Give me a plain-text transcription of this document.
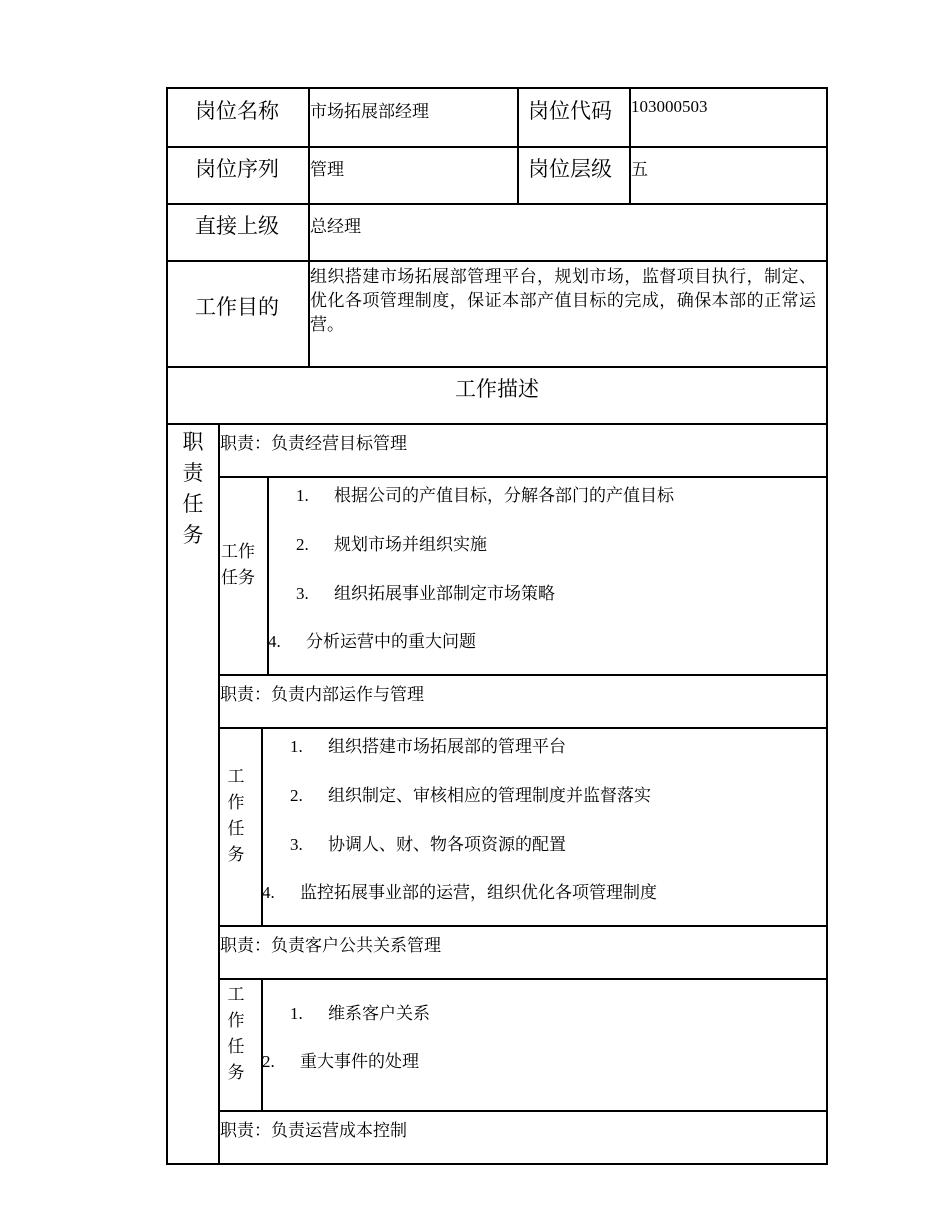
岗位名称 市场拓展部经理	岗位代码 103000503
岗位序列 管理	岗位层级 五
直接上级 总经理
工作目的
组织搭建市场拓展部管理平台，规划市场，监督项目执行，制定、优化各项管理制度，保证本部产值目标的完成，确保本部的正常运营。
工作描述
职责任务
职责：负责经营目标管理
工作任务
1. 根据公司的产值目标，分解各部门的产值目标
2. 规划市场并组织实施
3. 组织拓展事业部制定市场策略
4. 分析运营中的重大问题
职责：负责内部运作与管理
工作任务
1. 组织搭建市场拓展部的管理平台
2. 组织制定、审核相应的管理制度并监督落实
3. 协调人、财、物各项资源的配置
4. 监控拓展事业部的运营，组织优化各项管理制度
职责：负责客户公共关系管理
工作任务
1. 维系客户关系
2. 重大事件的处理
职责：负责运营成本控制
